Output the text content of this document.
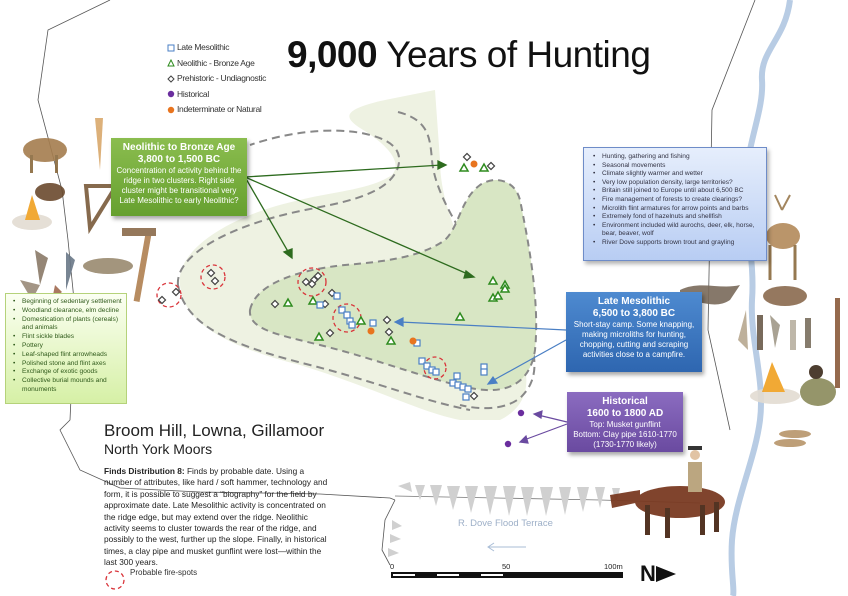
9,000 Years of Hunting
Late Mesolithic
Neolithic - Bronze Age
Prehistoric - Undiagnostic
Historical
Indeterminate or Natural
Neolithic to Bronze Age
3,800 to 1,500 BC
Concentration of activity behind the ridge in two clusters. Right side cluster might be transitional very Late Mesolithic to early Neolithic?
• Hunting, gathering and fishing
• Seasonal movements
• Climate slightly warmer and wetter
• Very low population density, large territories?
• Britain still joined to Europe until about 6,500 BC
• Fire management of forests to create clearings?
• Microlith flint armatures for arrow points and barbs
• Extremely fond of hazelnuts and shellfish
• Environment included wild aurochs, deer, elk, horse, bear, beaver, wolf
• River Dove supports brown trout and grayling
• Beginning of sedentary settlement
• Woodland clearance, elm decline
• Domestication of plants (cereals) and animals
• Flint sickle blades
• Pottery
• Leaf-shaped flint arrowheads
• Polished stone and flint axes
• Exchange of exotic goods
• Collective burial mounds and monuments
Late Mesolithic
6,500 to 3,800 BC
Short-stay camp. Some knapping, making microliths for hunting, chopping, cutting and scraping activities close to a campfire.
Historical
1600 to 1800 AD
Top: Musket gunflint
Bottom: Clay pipe 1610-1770
(1730-1770 likely)
Broom Hill, Lowna, Gillamoor
North York Moors
Finds Distribution 8: Finds by probable date. Using a number of attributes, like hard / soft hammer, technology and form, it is possible to suggest a “biography” for the field by approximate date. Late Mesolithic activity is concentrated on the ridge edge, but may extend over the ridge. Neolithic activity seems to cluster towards the rear of the ridge, and possibly to the west, further up the slope. Finally, in historical times, a clay pipe and musket gunflint were lost—within the last 300 years.
Probable fire-spots
R. Dove Flood Terrace
0	50	100m N
